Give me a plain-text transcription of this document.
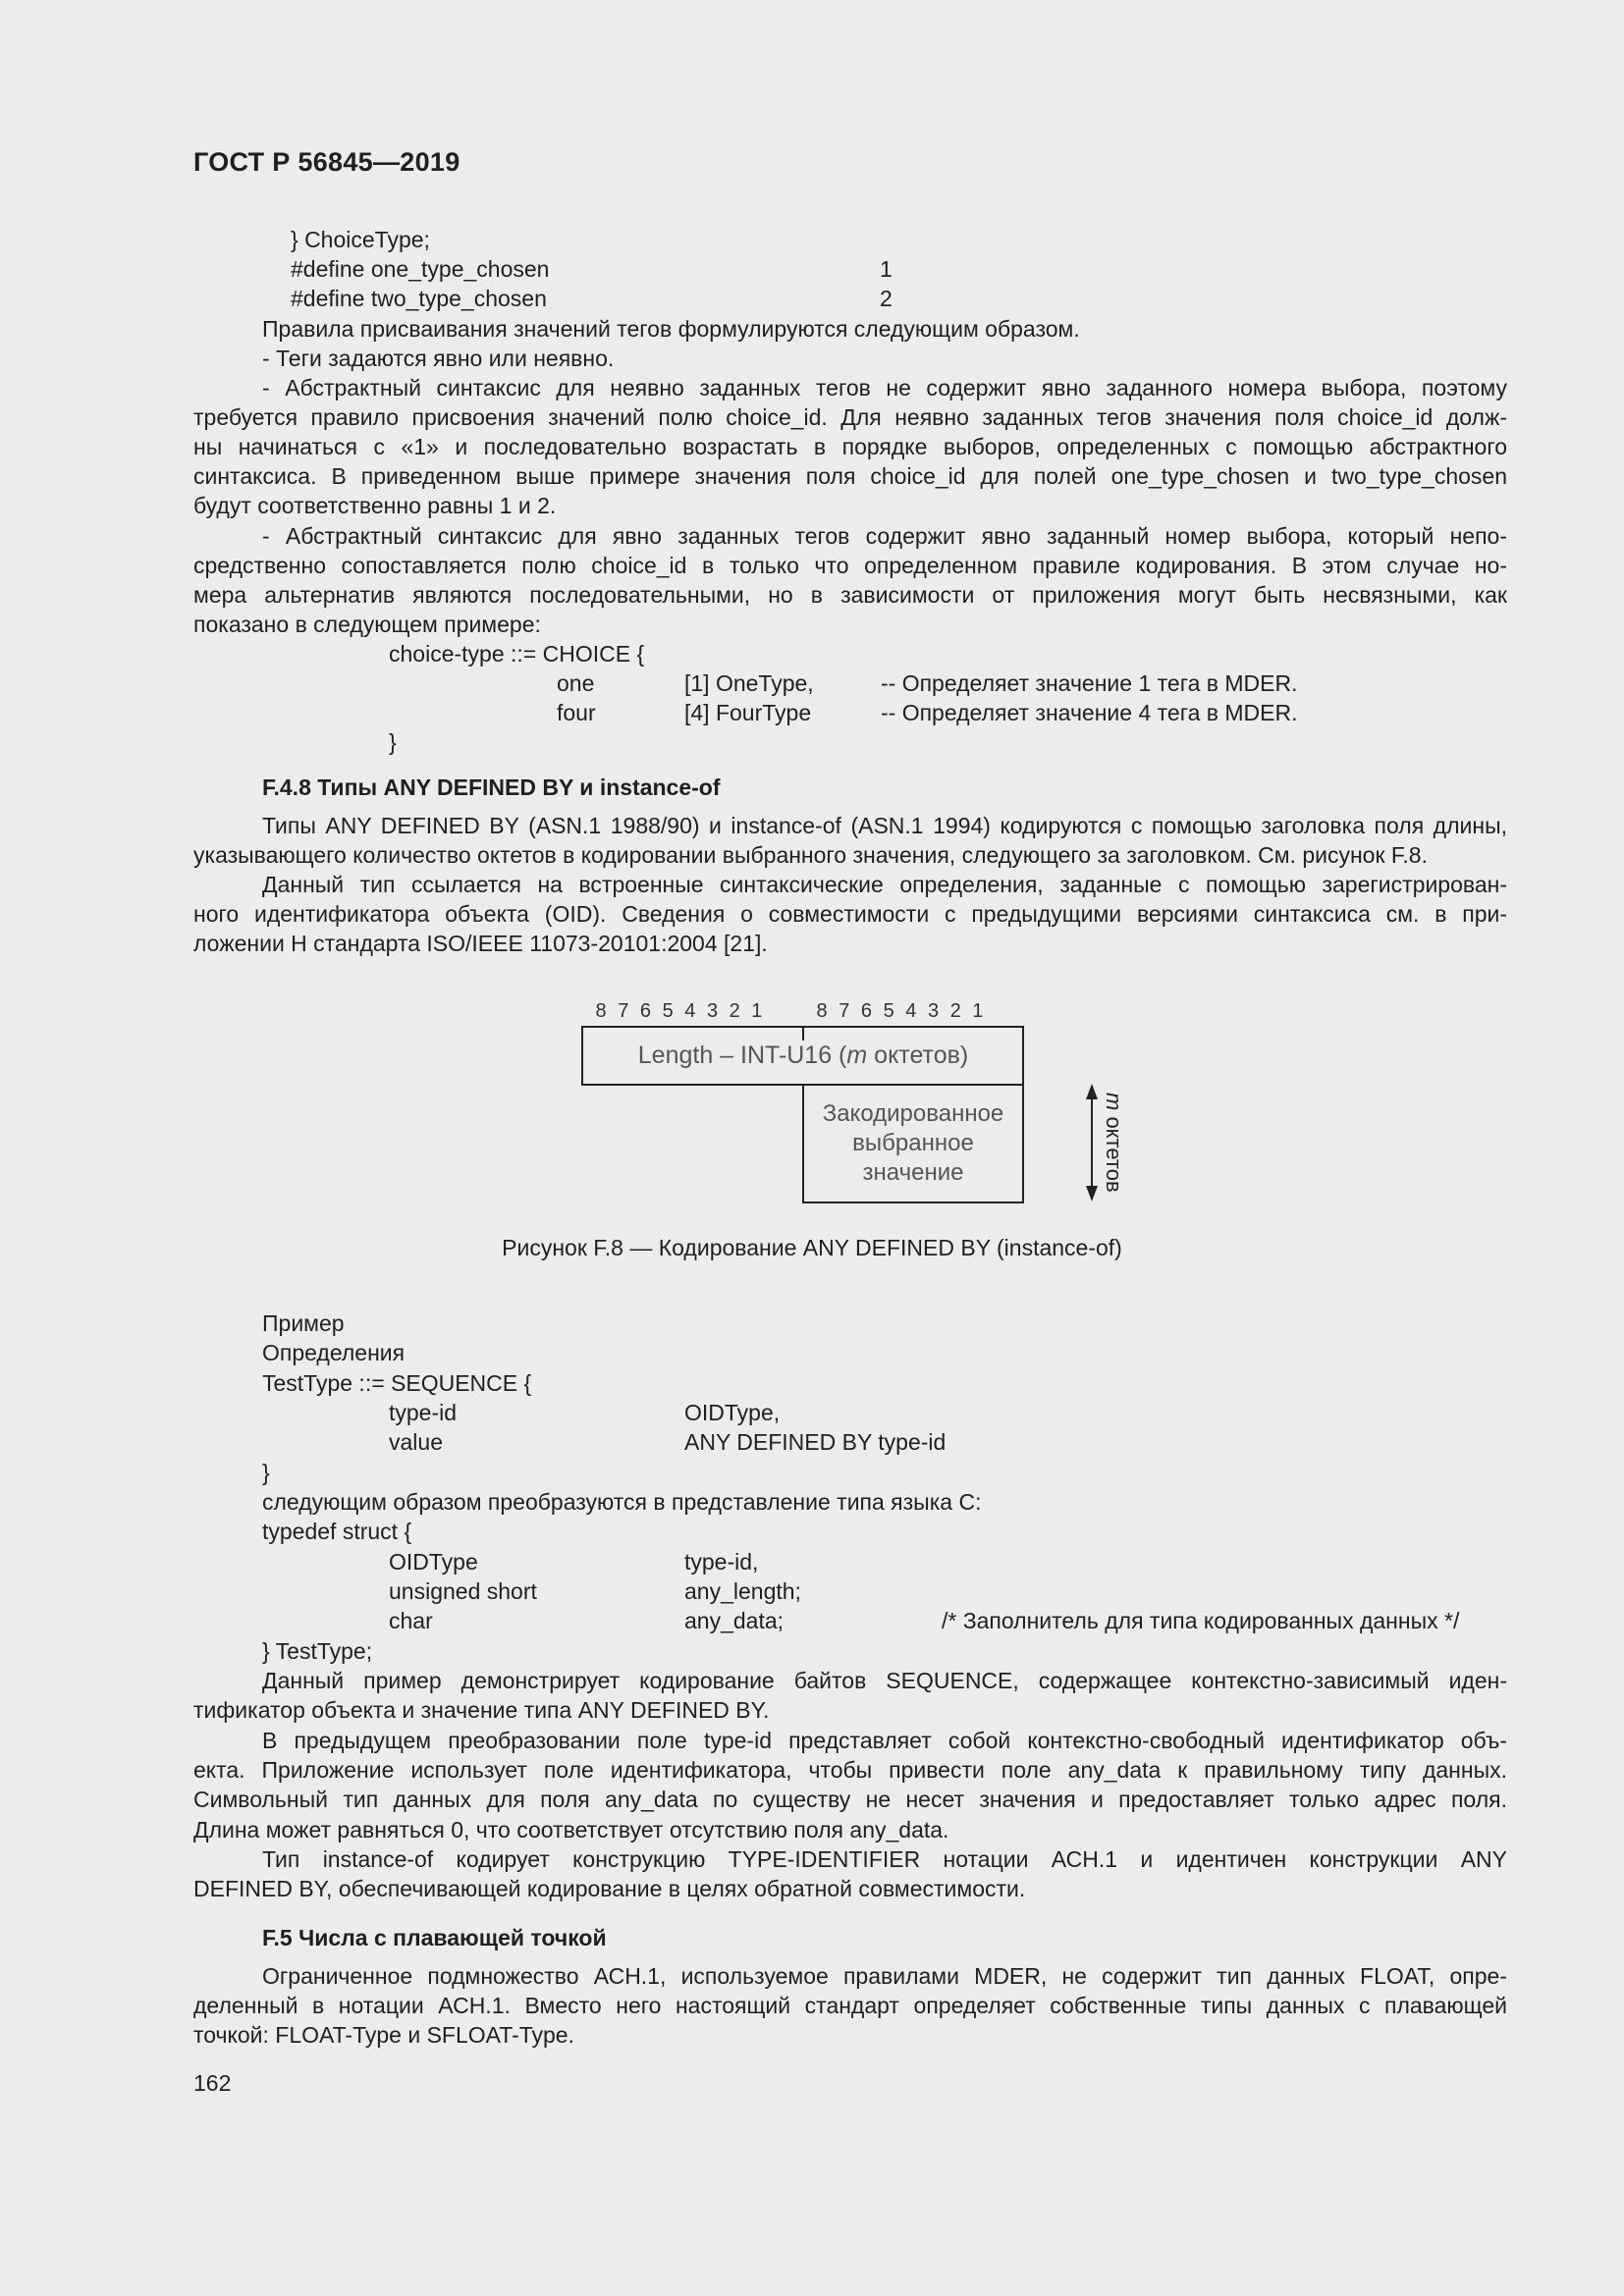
ГОСТ Р 56845—2019
} ChoiceType;
#define one_type_chosen	1
#define two_type_chosen	2
Правила присваивания значений тегов формулируются следующим образом.
- Теги задаются явно или неявно.
- Абстрактный синтаксис для неявно заданных тегов не содержит явно заданного номера выбора, поэтому
требуется правило присвоения значений полю choice_id. Для неявно заданных тегов значения поля choice_id долж-
ны начинаться с «1» и последовательно возрастать в порядке выборов, определенных с помощью абстрактного
синтаксиса. В приведенном выше примере значения поля choice_id для полей one_type_chosen и two_type_chosen
будут соответственно равны 1 и 2.
- Абстрактный синтаксис для явно заданных тегов содержит явно заданный номер выбора, который непо-
средственно сопоставляется полю choice_id в только что определенном правиле кодирования. В этом случае но-
мера альтернатив являются последовательными, но в зависимости от приложения могут быть несвязными, как
показано в следующем примере:
choice-type ::= CHOICE {
one	[1] OneType,	-- Определяет значение 1 тега в MDER.
four	[4] FourType	-- Определяет значение 4 тега в MDER.
}
F.4.8 Типы ANY DEFINED BY и instance-of
Типы ANY DEFINED BY (ASN.1 1988/90) и instance-of (ASN.1 1994) кодируются с помощью заголовка поля длины,
указывающего количество октетов в кодировании выбранного значения, следующего за заголовком. См. рисунок F.8.
Данный тип ссылается на встроенные синтаксические определения, заданные с помощью зарегистрирован-
ного идентификатора объекта (OID). Сведения о совместимости с предыдущими версиями синтаксиса см. в при-
ложении H стандарта ISO/IEEE 11073-20101:2004 [21].
8 7 6 5 4 3 2 1	8 7 6 5 4 3 2 1
Length – INT-U16 (m октетов)
Закодированное
выбранное
значение
m октетов
Рисунок F.8 — Кодирование ANY DEFINED BY (instance-of)
Пример
Определения
TestType ::= SEQUENCE {
type-id	OIDType,
value	ANY DEFINED BY type-id
}
следующим образом преобразуются в представление типа языка С:
typedef struct {
OIDType	type-id,
unsigned short	any_length;
char	any_data;	/* Заполнитель для типа кодированных данных */
} TestType;
Данный пример демонстрирует кодирование байтов SEQUENCE, содержащее контекстно-зависимый иден-
тификатор объекта и значение типа ANY DEFINED BY.
В предыдущем преобразовании поле type-id представляет собой контекстно-свободный идентификатор объ-
екта. Приложение использует поле идентификатора, чтобы привести поле any_data к правильному типу данных.
Символьный тип данных для поля any_data по существу не несет значения и предоставляет только адрес поля.
Длина может равняться 0, что соответствует отсутствию поля any_data.
Тип instance-of кодирует конструкцию TYPE-IDENTIFIER нотации АСН.1 и идентичен конструкции ANY
DEFINED BY, обеспечивающей кодирование в целях обратной совместимости.
F.5 Числа с плавающей точкой
Ограниченное подмножество АСН.1, используемое правилами MDER, не содержит тип данных FLOAT, опре-
деленный в нотации АСН.1. Вместо него настоящий стандарт определяет собственные типы данных с плавающей
точкой: FLOAT-Type и SFLOAT-Type.
162
